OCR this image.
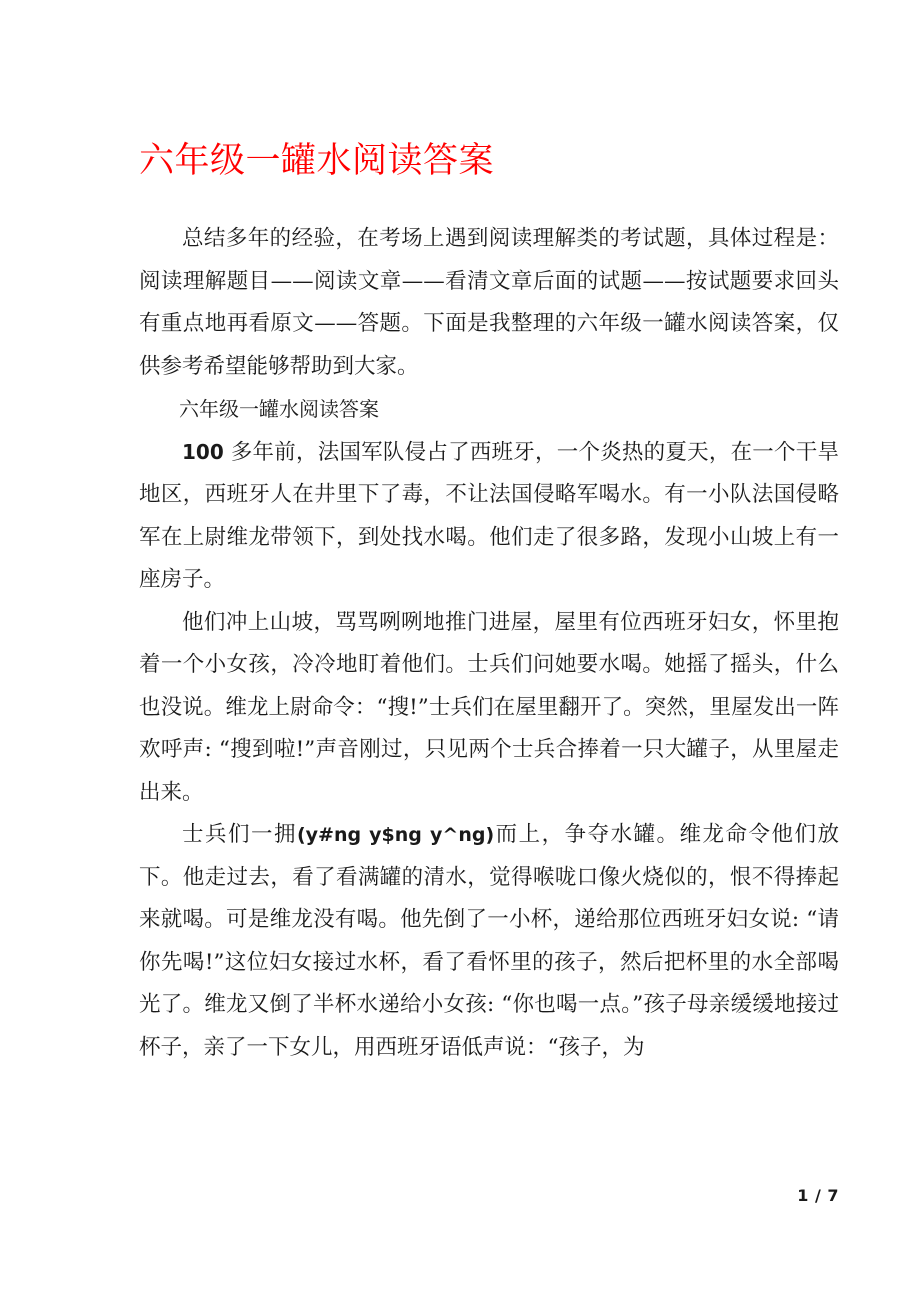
六年级一罐水阅读答案

总结多年的经验，在考场上遇到阅读理解类的考试题，具体过程是：阅读理解题目——阅读文章——看清文章后面的试题——按试题要求回头有重点地再看原文——答题。下面是我整理的六年级一罐水阅读答案，仅供参考希望能够帮助到大家。

六年级一罐水阅读答案

100 多年前，法国军队侵占了西班牙，一个炎热的夏天，在一个干旱地区，西班牙人在井里下了毒，不让法国侵略军喝水。有一小队法国侵略军在上尉维龙带领下，到处找水喝。他们走了很多路，发现小山坡上有一座房子。

他们冲上山坡，骂骂咧咧地推门进屋，屋里有位西班牙妇女，怀里抱着一个小女孩，冷冷地盯着他们。士兵们问她要水喝。她摇了摇头，什么也没说。维龙上尉命令：“搜!”士兵们在屋里翻开了。突然，里屋发出一阵欢呼声: “搜到啦!”声音刚过，只见两个士兵合捧着一只大罐子，从里屋走出来。

士兵们一拥(y#ng y$ng y^ng)而上，争夺水罐。维龙命令他们放下。他走过去，看了看满罐的清水，觉得喉咙口像火烧似的，恨不得捧起来就喝。可是维龙没有喝。他先倒了一小杯，递给那位西班牙妇女说: “请你先喝!”这位妇女接过水杯，看了看怀里的孩子，然后把杯里的水全部喝光了。维龙又倒了半杯水递给小女孩: “你也喝一点。”孩子母亲缓缓地接过杯子，亲了一下女儿，用西班牙语低声说：“孩子，为

1 / 7
